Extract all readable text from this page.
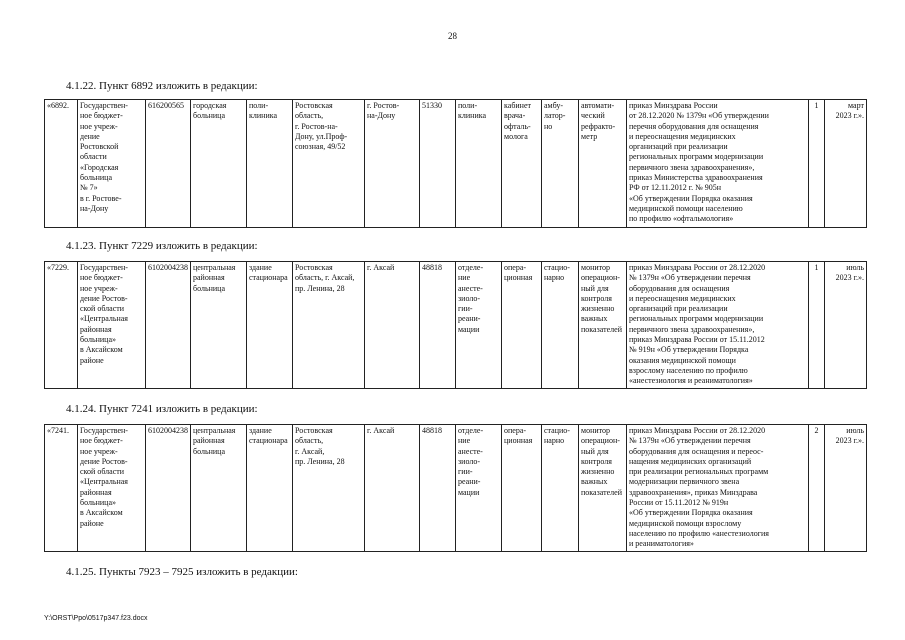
28
4.1.22. Пункт 6892 изложить в редакции:
«6892.	Государствен-
ное бюджет-
ное учреж-
дение
Ростовской
области
«Городская
больница
№ 7»
в г. Ростове-
на-Дону	616200565	городская больница	поли-
клиника	Ростовская
область,
г. Ростов-на-
Дону, ул.Проф-
союзная, 49/52	г. Ростов-
на-Дону	51330	поли-
клиника	кабинет
врача-
офталь-
молога	амбу-
латор-
но	автомати-
ческий
рефракто-
метр	приказ Минздрава России
от 28.12.2020 № 1379н «Об утверждении
перечня оборудования для оснащения
и переоснащения медицинских
организаций при реализации
региональных программ модернизации
первичного звена здравоохранения»,
приказ Министерства здравоохранения
РФ от 12.11.2012 г. № 905н
«Об утверждении Порядка оказания
медицинской помощи населению
по профилю «офтальмология»	1	март
2023 г.».
4.1.23. Пункт 7229 изложить в редакции:
«7229.	Государствен-
ное бюджет-
ное учреж-
дение Ростов-
ской области
«Центральная
районная
больница»
в Аксайском
районе	6102004238	центральная районная больница	здание стационара	Ростовская
область, г. Аксай,
пр. Ленина, 28	г. Аксай	48818	отделе-
ние
анесте-
зиоло-
гии-
реани-
мации	опера-
ционная	стацио-
нарно	монитор
операцион-
ный для
контроля
жизненно
важных
показателей	приказ Минздрава России от 28.12.2020
№ 1379н «Об утверждении перечня
оборудования для оснащения
и переоснащения медицинских
организаций при реализации
региональных программ модернизации
первичного звена здравоохранения»,
приказ Минздрава России от 15.11.2012
№ 919н «Об утверждении Порядка
оказания медицинской помощи
взрослому населению по профилю
«анестезиология и реаниматология»	1	июль
2023 г.».
4.1.24. Пункт 7241 изложить в редакции:
«7241.	Государствен-
ное бюджет-
ное учреж-
дение Ростов-
ской области
«Центральная
районная
больница»
в Аксайском
районе	6102004238	центральная районная больница	здание стационара	Ростовская
область,
г. Аксай,
пр. Ленина, 28	г. Аксай	48818	отделе-
ние
анесте-
зиоло-
гии-
реани-
мации	опера-
ционная	стацио-
нарно	монитор
операцион-
ный для
контроля
жизненно
важных
показателей	приказ Минздрава России от 28.12.2020
№ 1379н «Об утверждении перечня
оборудования для оснащения и переос-
нащения медицинских организаций
при реализации региональных программ
модернизации первичного звена
здравоохранения», приказ Минздрава
России от 15.11.2012 № 919н
«Об утверждении Порядка оказания
медицинской помощи взрослому
населению по профилю «анестезиология
и реаниматология»	2	июль
2023 г.».
4.1.25. Пункты 7923 – 7925 изложить в редакции:
Y:\ORST\Ppo\0517p347.f23.docx
